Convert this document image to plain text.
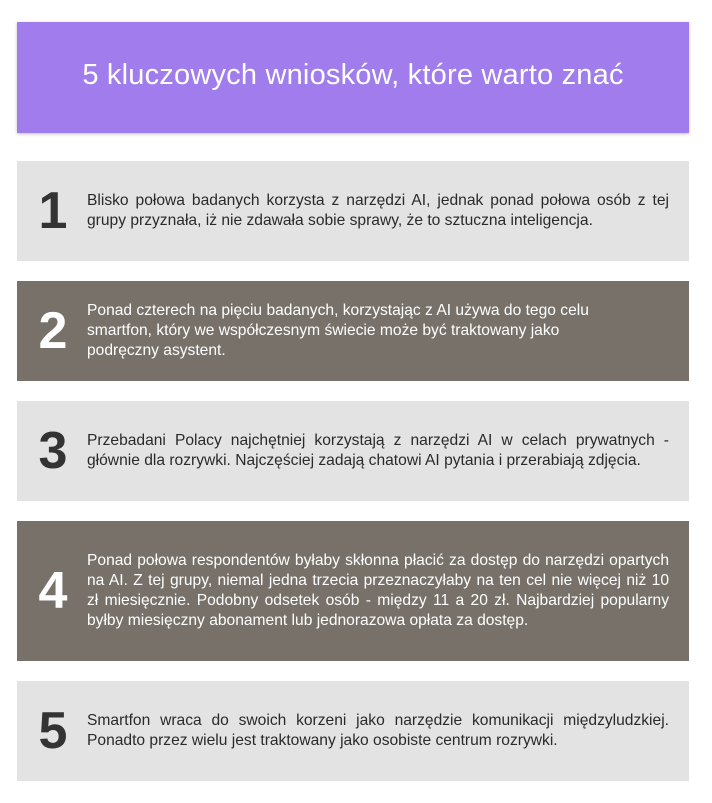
5 kluczowych wniosków, które warto znać
1	Blisko połowa badanych korzysta z narzędzi AI, jednak ponad połowa osób z tej grupy przyznała, iż nie zdawała sobie sprawy, że to sztuczna inteligencja.
2	Ponad czterech na pięciu badanych, korzystając z AI używa do tego celu smartfon, który we współczesnym świecie może być traktowany jako podręczny asystent.
3	Przebadani Polacy najchętniej korzystają z narzędzi AI w celach prywatnych - głównie dla rozrywki. Najczęściej zadają chatowi AI pytania i przerabiają zdjęcia.
4
Ponad połowa respondentów byłaby skłonna płacić za dostęp do narzędzi opartych na AI. Z tej grupy, niemal jedna trzecia przeznaczyłaby na ten cel nie więcej niż 10 zł miesięcznie. Podobny odsetek osób - między 11 a 20 zł. Najbardziej popularny byłby miesięczny abonament lub jednorazowa opłata za dostęp.
5	Smartfon wraca do swoich korzeni jako narzędzie komunikacji międzyludzkiej. Ponadto przez wielu jest traktowany jako osobiste centrum rozrywki.
